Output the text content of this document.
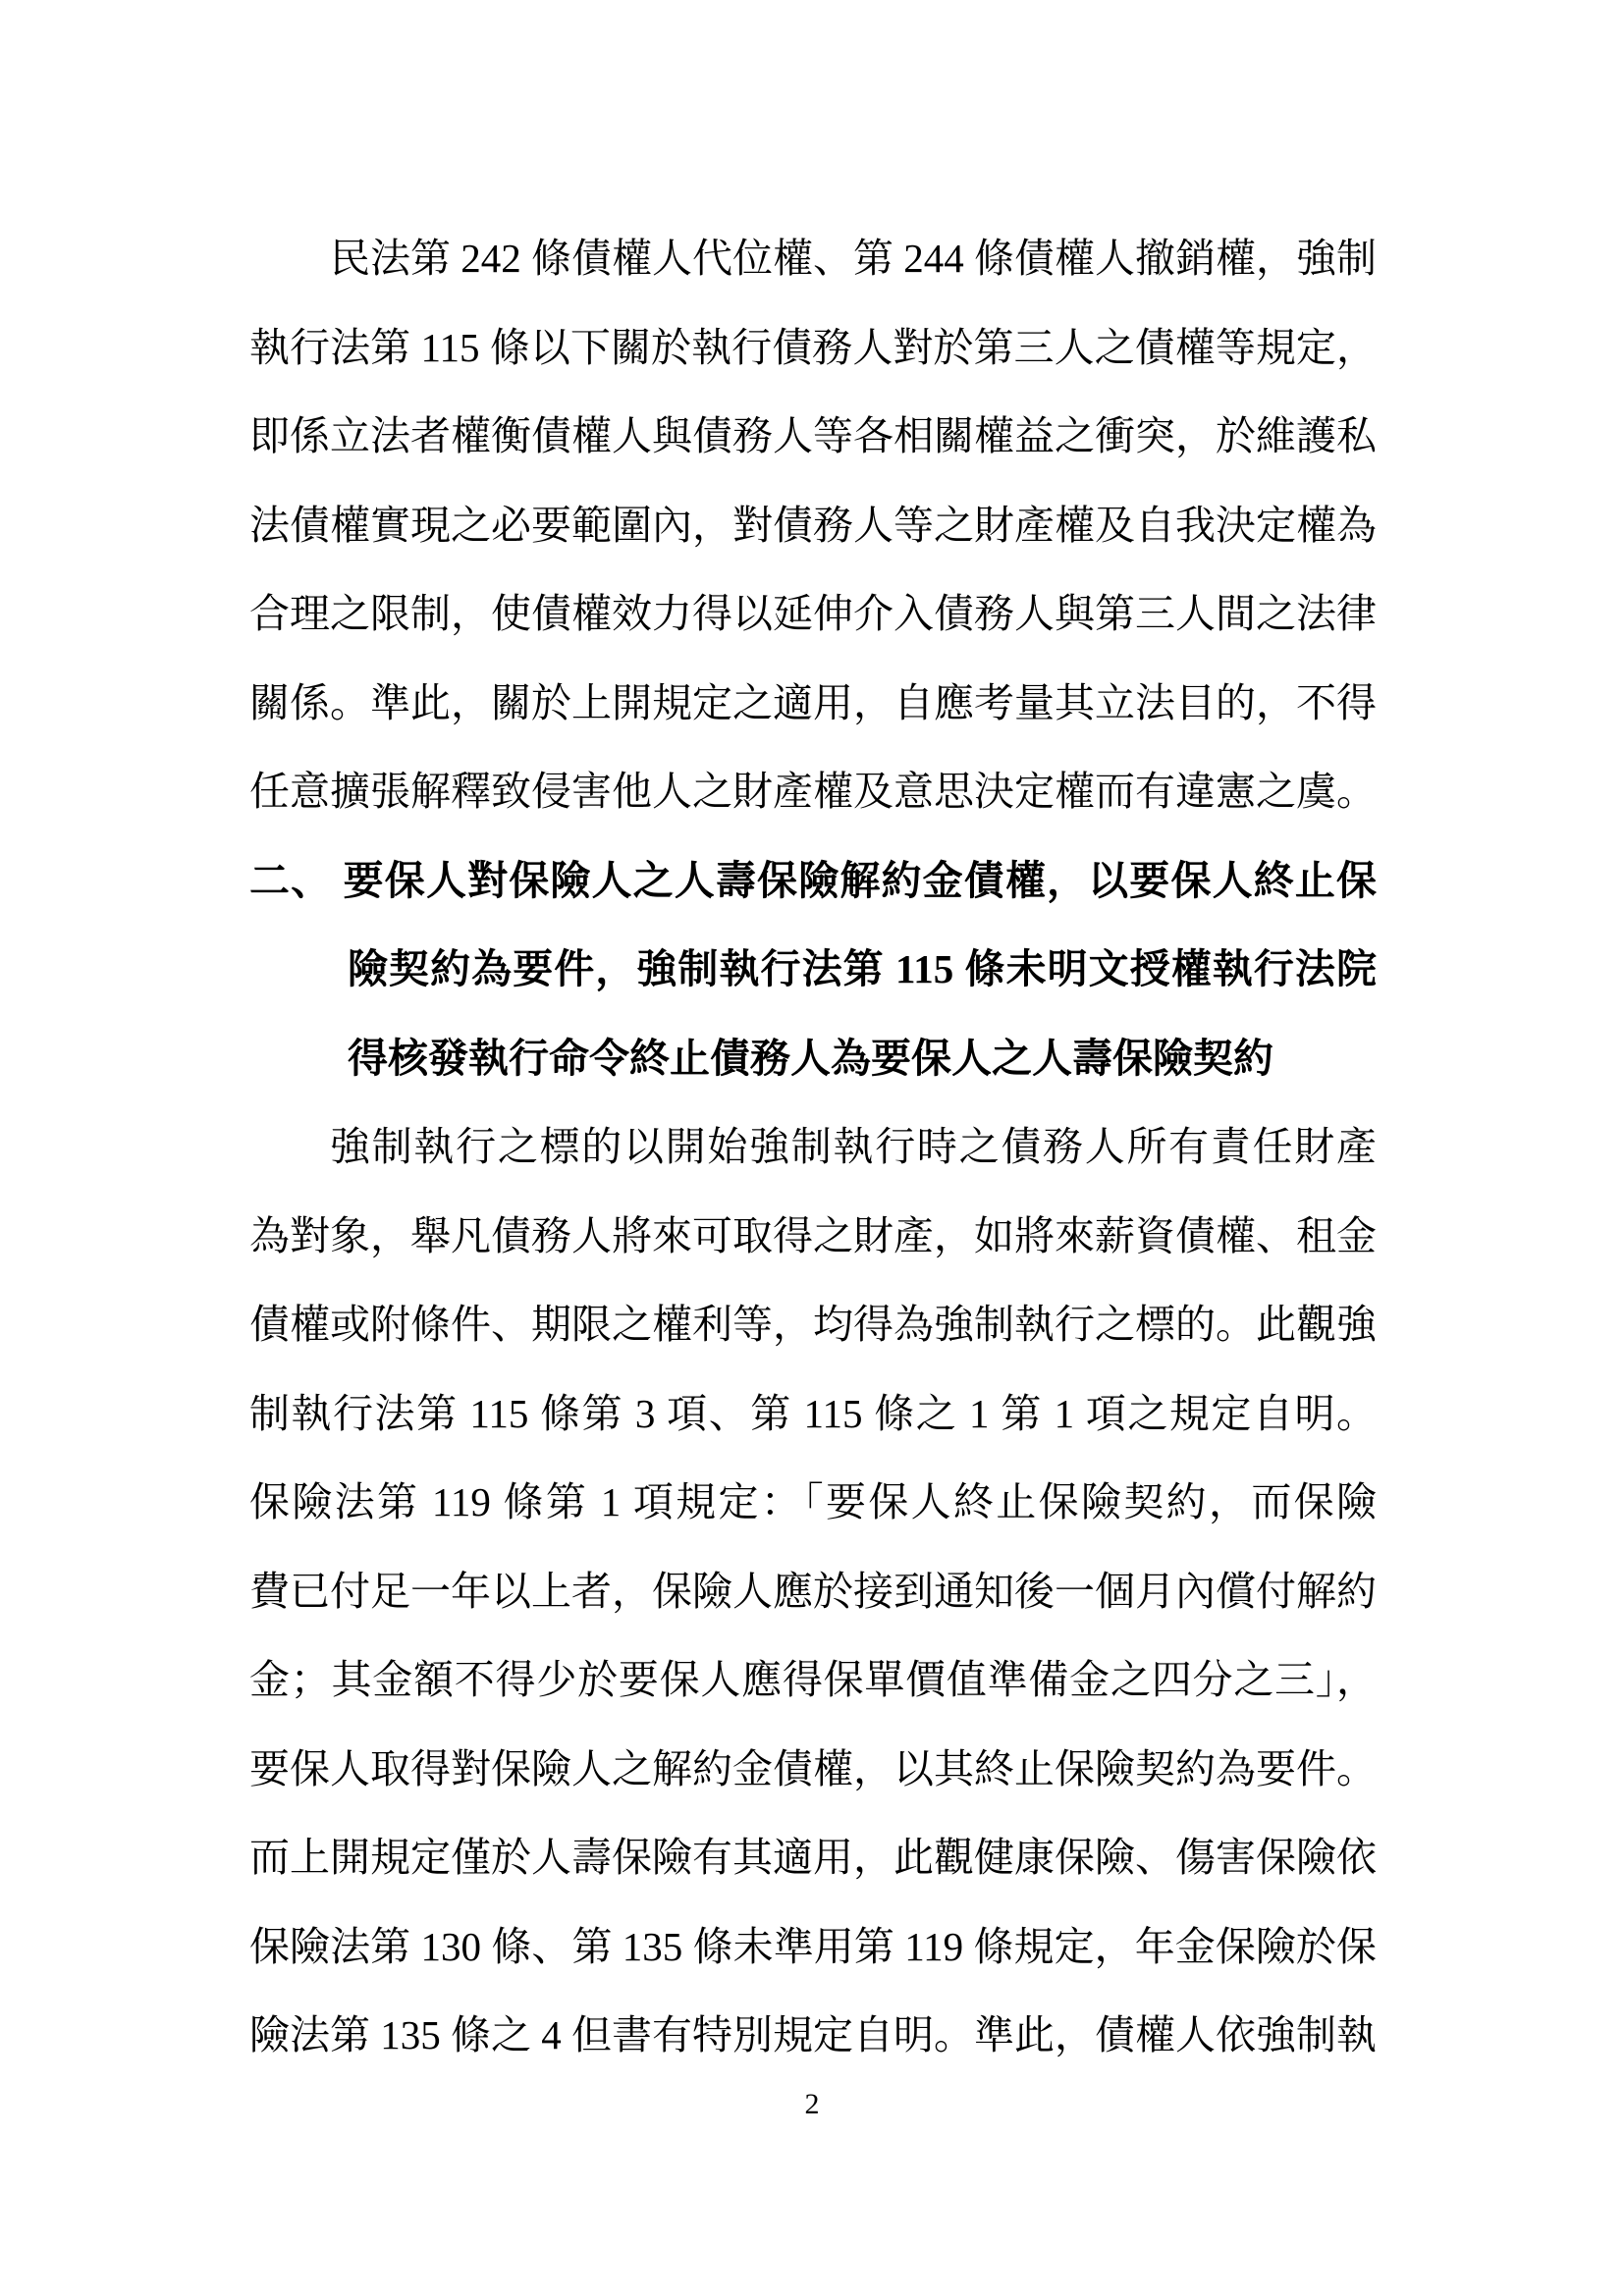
民法第 242 條債權人代位權、第 244 條債權人撤銷權，強制
執行法第 115 條以下關於執行債務人對於第三人之債權等規定，
即係立法者權衡債權人與債務人等各相關權益之衝突，於維護私
法債權實現之必要範圍內，對債務人等之財產權及自我決定權為
合理之限制，使債權效力得以延伸介入債務人與第三人間之法律
關係。準此，關於上開規定之適用，自應考量其立法目的，不得
任意擴張解釋致侵害他人之財產權及意思決定權而有違憲之虞。
二、 要保人對保險人之人壽保險解約金債權，以要保人終止保
險契約為要件，強制執行法第 115 條未明文授權執行法院
得核發執行命令終止債務人為要保人之人壽保險契約
強制執行之標的以開始強制執行時之債務人所有責任財產
為對象，舉凡債務人將來可取得之財產，如將來薪資債權、租金
債權或附條件、期限之權利等，均得為強制執行之標的。此觀強
制執行法第 115 條第 3 項、第 115 條之 1 第 1 項之規定自明。
保險法第 119 條第 1 項規定：「要保人終止保險契約，而保險
費已付足一年以上者，保險人應於接到通知後一個月內償付解約
金；其金額不得少於要保人應得保單價值準備金之四分之三」，
要保人取得對保險人之解約金債權，以其終止保險契約為要件。
而上開規定僅於人壽保險有其適用，此觀健康保險、傷害保險依
保險法第 130 條、第 135 條未準用第 119 條規定，年金保險於保
險法第 135 條之 4 但書有特別規定自明。準此，債權人依強制執
2
